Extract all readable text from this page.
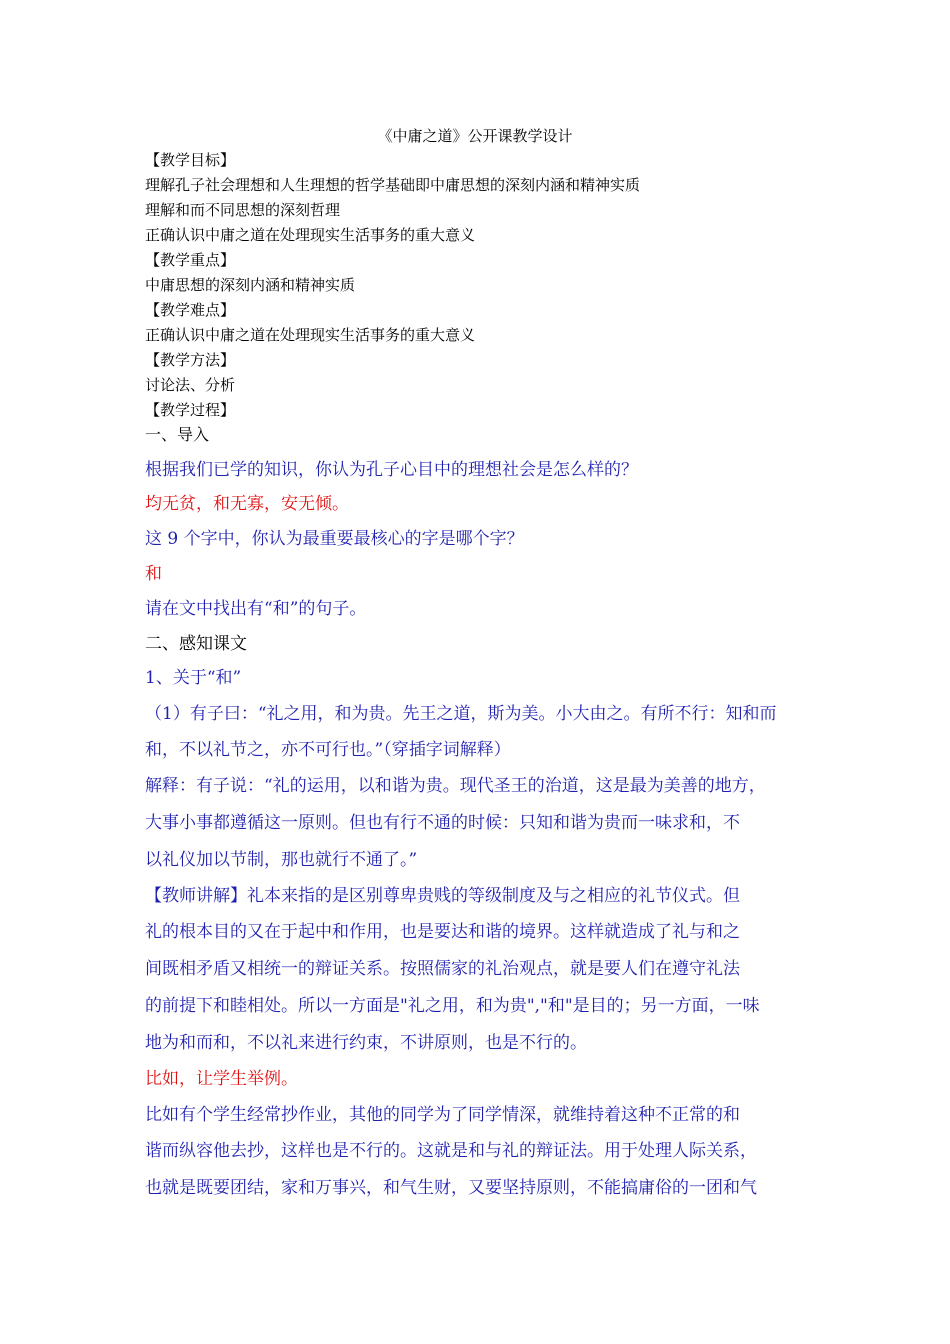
《中庸之道》公开课教学设计
【教学目标】
理解孔子社会理想和人生理想的哲学基础即中庸思想的深刻内涵和精神实质
理解和而不同思想的深刻哲理
正确认识中庸之道在处理现实生活事务的重大意义
【教学重点】
中庸思想的深刻内涵和精神实质
【教学难点】
正确认识中庸之道在处理现实生活事务的重大意义
【教学方法】
讨论法、分析
【教学过程】
一、导入
根据我们已学的知识，你认为孔子心目中的理想社会是怎么样的？
均无贫，和无寡，安无倾。
这 9 个字中，你认为最重要最核心的字是哪个字？
和
请在文中找出有“和”的句子。
二、感知课文
1、关于“和”
（1）有子曰：“礼之用，和为贵。先王之道，斯为美。小大由之。有所不行：知和而
和，不以礼节之，亦不可行也。”（穿插字词解释）
解释：有子说：“礼的运用，以和谐为贵。现代圣王的治道，这是最为美善的地方，
大事小事都遵循这一原则。但也有行不通的时候：只知和谐为贵而一味求和，不
以礼仪加以节制，那也就行不通了。”
【教师讲解】礼本来指的是区别尊卑贵贱的等级制度及与之相应的礼节仪式。但
礼的根本目的又在于起中和作用，也是要达和谐的境界。这样就造成了礼与和之
间既相矛盾又相统一的辩证关系。按照儒家的礼治观点，就是要人们在遵守礼法
的前提下和睦相处。所以一方面是"礼之用，和为贵","和"是目的；另一方面，一味
地为和而和，不以礼来进行约束，不讲原则，也是不行的。
比如，让学生举例。
比如有个学生经常抄作业，其他的同学为了同学情深，就维持着这种不正常的和
谐而纵容他去抄，这样也是不行的。这就是和与礼的辩证法。用于处理人际关系，
也就是既要团结，家和万事兴，和气生财，又要坚持原则，不能搞庸俗的一团和气
